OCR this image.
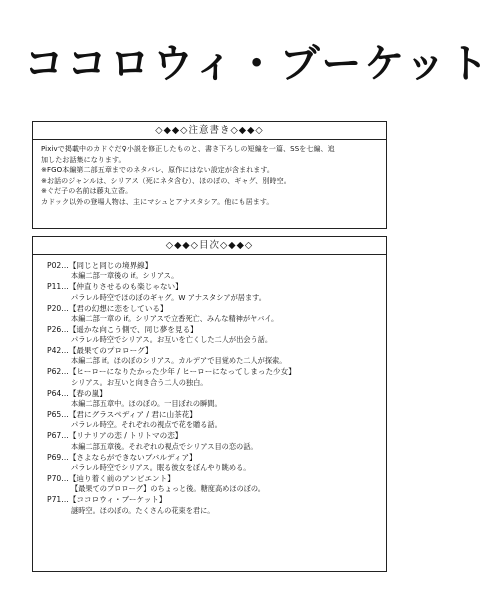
ココロウィ・ブーケット
◇◆◆◇注意書き◇◆◆◇
Pixivで掲載中のカドぐだ♀小説を修正したものと、書き下ろしの短編を一篇、SSを七編、追
加したお話集になります。
※FGO本編第二部五章までのネタバレ、原作にはない設定が含まれます。
※お話のジャンルは、シリアス（死にネタ含む）、ほのぼの、ギャグ、別時空。
※ぐだ子の名前は藤丸立香。
カドック以外の登場人物は、主にマシュとアナスタシア。他にも居ます。
◇◆◆◇目次◇◆◆◇
P02…【同じと同じの境界線】
本編二部一章後の if。シリアス。
P11…【仲直りさせるのも楽じゃない】
パラレル時空でほのぼのギャグ。W アナスタシアが居ます。
P20…【君の幻想に恋をしている】
本編二部一章の if。シリアスで立香死亡、みんな精神がヤバイ。
P26…【遥かな向こう側で、同じ夢を見る】
パラレル時空でシリアス。お互いを亡くした二人が出会う話。
P42…【最果てのプロローグ】
本編二部 if。ほのぼのシリアス。カルデアで目覚めた二人が探索。
P62…【ヒーローになりたかった少年 / ヒーローになってしまった少女】
シリアス。お互いと向き合う二人の独白。
P64…【春の嵐】
本編二部五章中。ほのぼの。一目ぼれの瞬間。
P65…【君にグラスペディア / 君に山茶花】
パラレル時空。それぞれの視点で花を贈る話。
P67…【リナリアの恋 / トリトマの恋】
本編二部五章後。それぞれの視点でシリアス目の恋の話。
P69…【さよならができないブバルディア】
パラレル時空でシリアス。眠る彼女をぼんやり眺める。
P70…【辿り着く前のアンビエント】
【最果てのプロローグ】のちょっと後。糖度高めほのぼの。
P71…【ココロウィ・ブーケット】
謎時空。ほのぼの。たくさんの花束を君に。
